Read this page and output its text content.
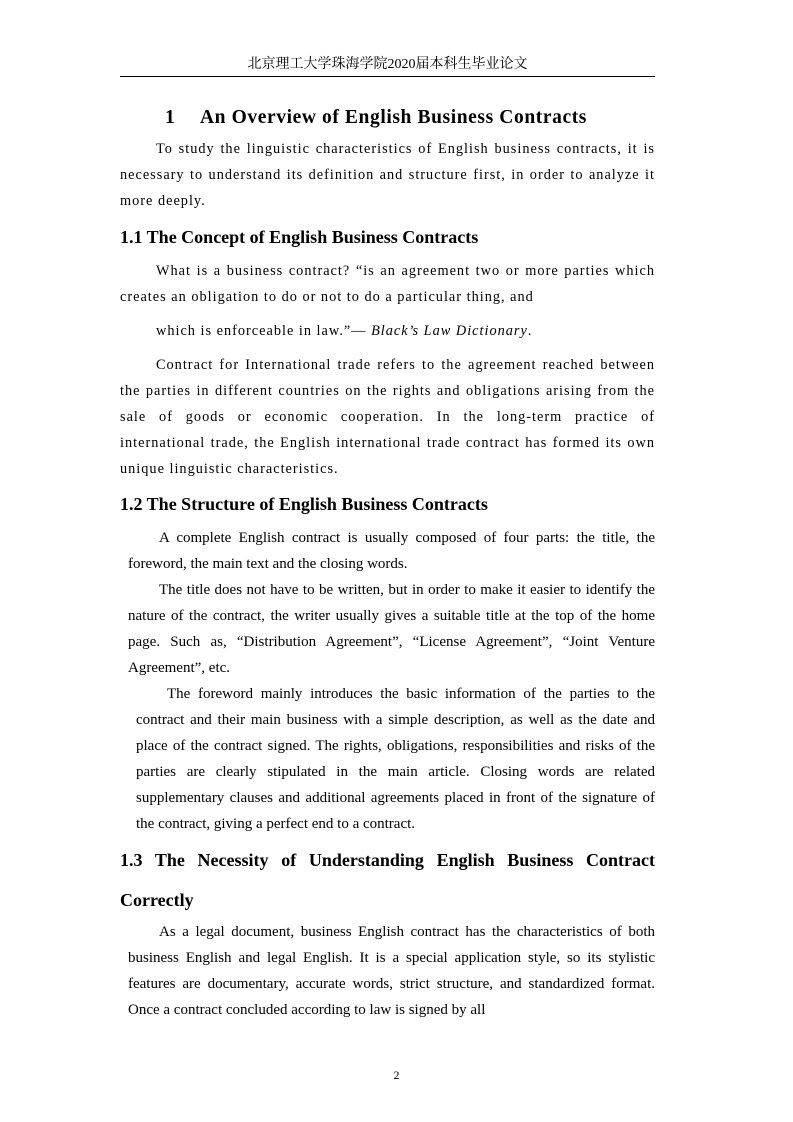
北京理工大学珠海学院2020届本科生毕业论文
1 An Overview of English Business Contracts

To study the linguistic characteristics of English business contracts, it is necessary to understand its definition and structure first, in order to analyze it more deeply.

1.1 The Concept of English Business Contracts

What is a business contract? “is an agreement two or more parties which creates an obligation to do or not to do a particular thing, and
which is enforceable in law.”— Black’s Law Dictionary.

Contract for International trade refers to the agreement reached between the parties in different countries on the rights and obligations arising from the sale of goods or economic cooperation. In the long-term practice of international trade, the English international trade contract has formed its own unique linguistic characteristics.

1.2 The Structure of English Business Contracts

A complete English contract is usually composed of four parts: the title, the foreword, the main text and the closing words.

The title does not have to be written, but in order to make it easier to identify the nature of the contract, the writer usually gives a suitable title at the top of the home page. Such as, “Distribution Agreement”, “License Agreement”, “Joint Venture Agreement”, etc.

The foreword mainly introduces the basic information of the parties to the contract and their main business with a simple description, as well as the date and place of the contract signed. The rights, obligations, responsibilities and risks of the parties are clearly stipulated in the main article. Closing words are related supplementary clauses and additional agreements placed in front of the signature of the contract, giving a perfect end to a contract.

1.3 The Necessity of Understanding English Business Contract
Correctly

As a legal document, business English contract has the characteristics of both business English and legal English. It is a special application style, so its stylistic features are documentary, accurate words, strict structure, and standardized format. Once a contract concluded according to law is signed by all

2
